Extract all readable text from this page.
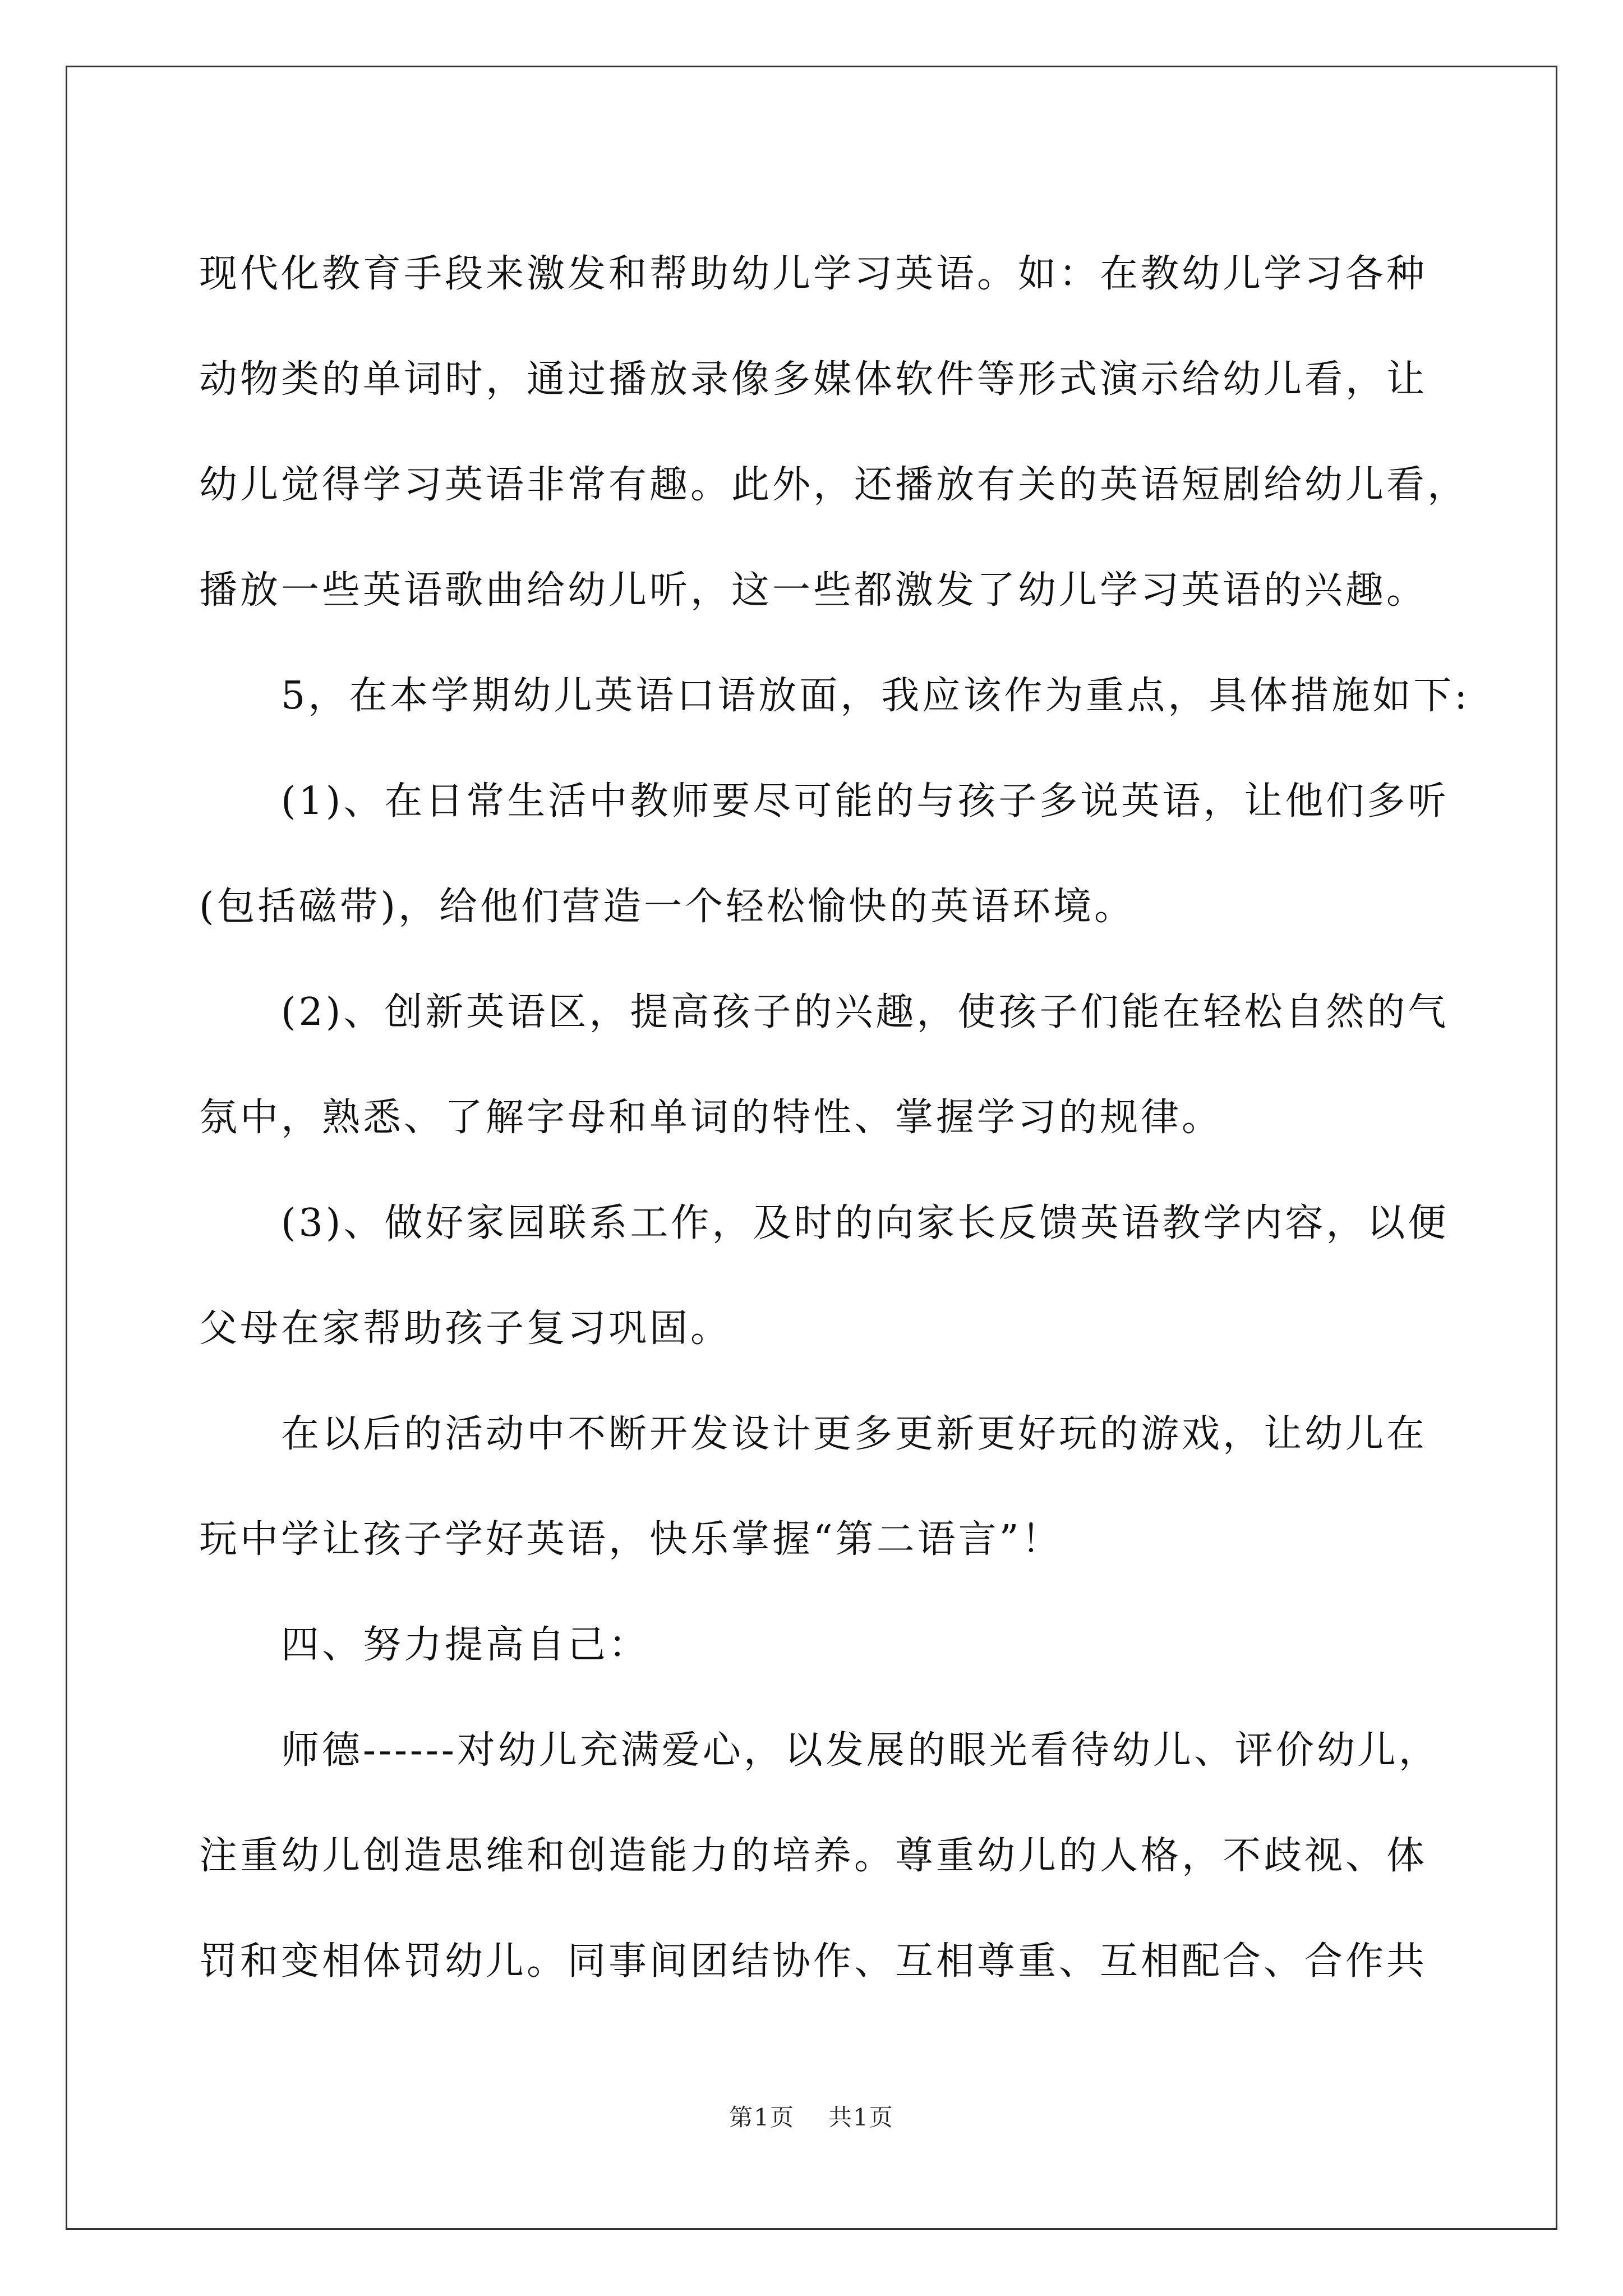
现代化教育手段来激发和帮助幼儿学习英语。如：在教幼儿学习各种
动物类的单词时，通过播放录像多媒体软件等形式演示给幼儿看，让
幼儿觉得学习英语非常有趣。此外，还播放有关的英语短剧给幼儿看，
播放一些英语歌曲给幼儿听，这一些都激发了幼儿学习英语的兴趣。
5，在本学期幼儿英语口语放面，我应该作为重点，具体措施如下:
(1)、在日常生活中教师要尽可能的与孩子多说英语，让他们多听
(包括磁带)，给他们营造一个轻松愉快的英语环境。
(2)、创新英语区，提高孩子的兴趣，使孩子们能在轻松自然的气
氛中，熟悉、了解字母和单词的特性、掌握学习的规律。
(3)、做好家园联系工作，及时的向家长反馈英语教学内容，以便
父母在家帮助孩子复习巩固。
在以后的活动中不断开发设计更多更新更好玩的游戏，让幼儿在
玩中学让孩子学好英语，快乐掌握“第二语言”！
四、努力提高自己：
师德------对幼儿充满爱心，以发展的眼光看待幼儿、评价幼儿，
注重幼儿创造思维和创造能力的培养。尊重幼儿的人格，不歧视、体
罚和变相体罚幼儿。同事间团结协作、互相尊重、互相配合、合作共
第1页 共1页
